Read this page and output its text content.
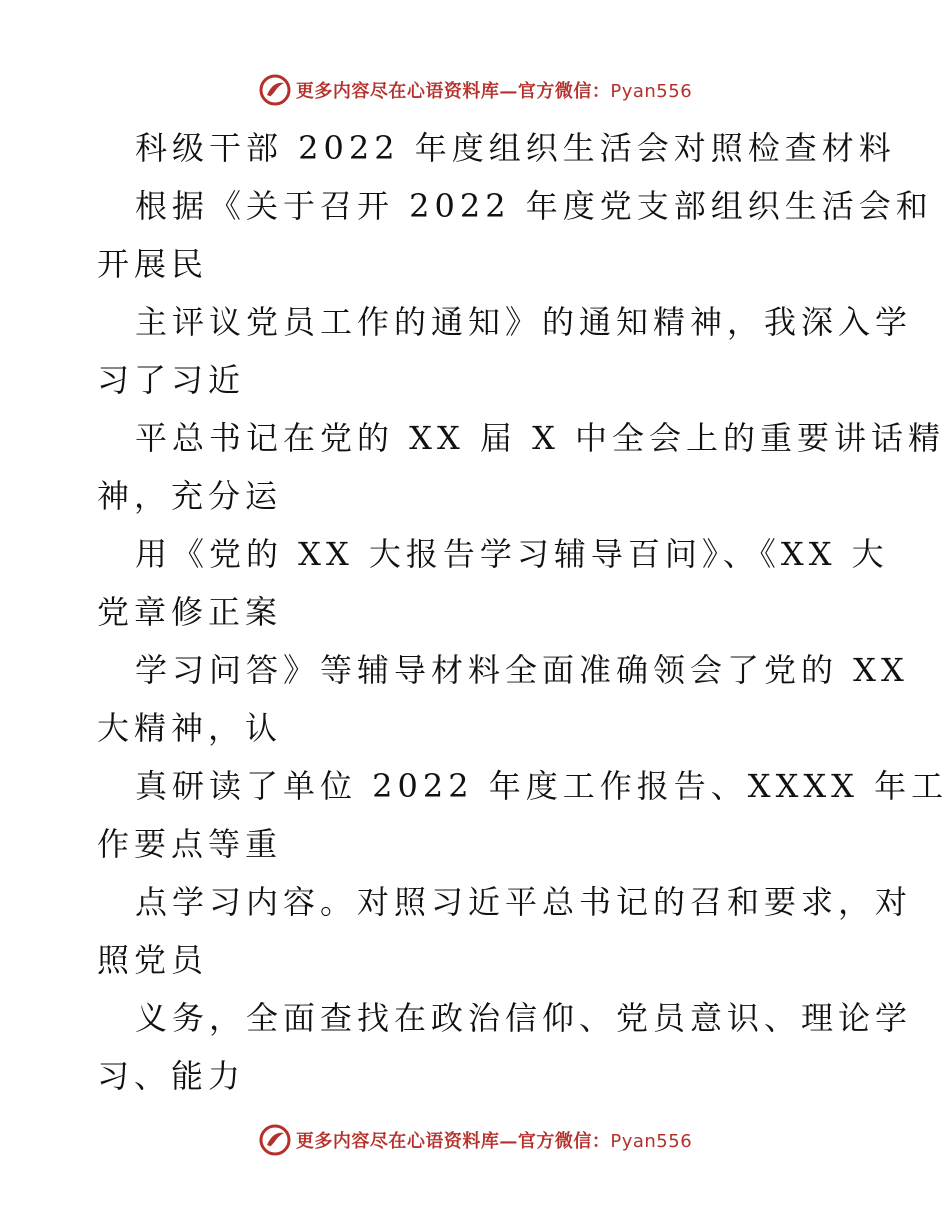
更多内容尽在心语资料库—官方微信：Pyan556
科级干部 2022 年度组织生活会对照检查材料
根据《关于召开 2022 年度党支部组织生活会和
开展民
主评议党员工作的通知》的通知精神，我深入学
习了习近
平总书记在党的 XX 届 X 中全会上的重要讲话精
神，充分运
用《党的 XX 大报告学习辅导百问》、《XX 大
党章修正案
学习问答》等辅导材料全面准确领会了党的 XX
大精神，认
真研读了单位 2022 年度工作报告、XXXX 年工
作要点等重
点学习内容。对照习近平总书记的召和要求，对
照党员
义务，全面查找在政治信仰、党员意识、理论学
习、能力
更多内容尽在心语资料库—官方微信：Pyan556
